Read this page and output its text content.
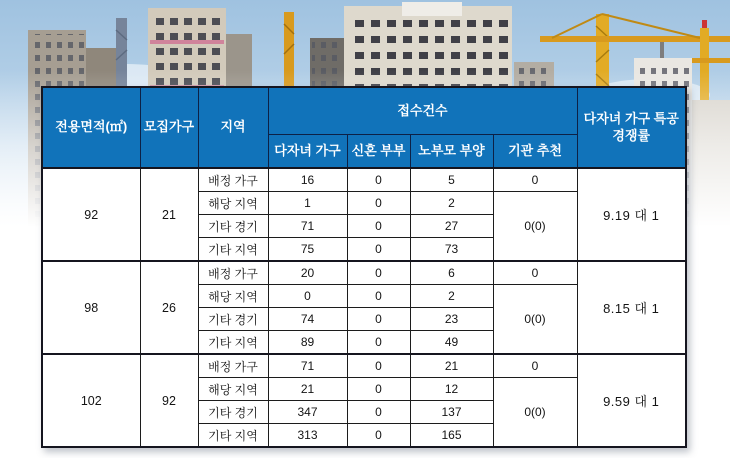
전용면적(㎡)	모집가구	지역	접수건수				다자녀 가구 특공 경쟁률
			다자녀 가구	신혼 부부	노부모 부양	기관 추천	
92	21	배정 가구	16	0	5	0	9.19 대 1
		해당 지역	1	0	2	0(0)	
		기타 경기	71	0	27		
		기타 지역	75	0	73		
98	26	배정 가구	20	0	6	0	8.15 대 1
		해당 지역	0	0	2	0(0)	
		기타 경기	74	0	23		
		기타 지역	89	0	49		
102	92	배정 가구	71	0	21	0	9.59 대 1
		해당 지역	21	0	12	0(0)	
		기타 경기	347	0	137		
		기타 지역	313	0	165		
